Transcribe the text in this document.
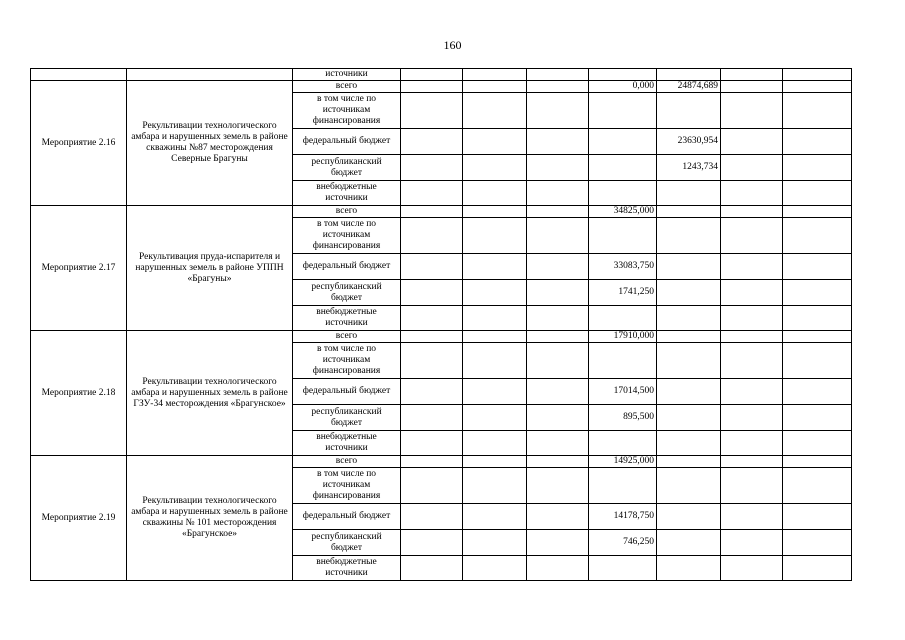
160
		источники							
Мероприятие 2.16	Рекультивации технологического амбара и нарушенных земель в районе скважины №87 месторождения Северные Брагуны	всего				0,000	24874,689		
		в том числе по источникам финансирования							
		федеральный бюджет					23630,954		
		республиканский бюджет					1243,734		
		внебюджетные источники							
Мероприятие 2.17	Рекультивация пруда-испарителя и нарушенных земель в районе УППН «Брагуны»	всего				34825,000			
		в том числе по источникам финансирования							
		федеральный бюджет				33083,750			
		республиканский бюджет				1741,250			
		внебюджетные источники							
Мероприятие 2.18	Рекультивации технологического амбара и нарушенных земель в районе ГЗУ-34 месторождения «Брагунское»	всего				17910,000			
		в том числе по источникам финансирования							
		федеральный бюджет				17014,500			
		республиканский бюджет				895,500			
		внебюджетные источники							
Мероприятие 2.19	Рекультивации технологического амбара и нарушенных земель в районе скважины № 101 месторождения «Брагунское»	всего				14925,000			
		в том числе по источникам финансирования							
		федеральный бюджет				14178,750			
		республиканский бюджет				746,250			
		внебюджетные источники							
